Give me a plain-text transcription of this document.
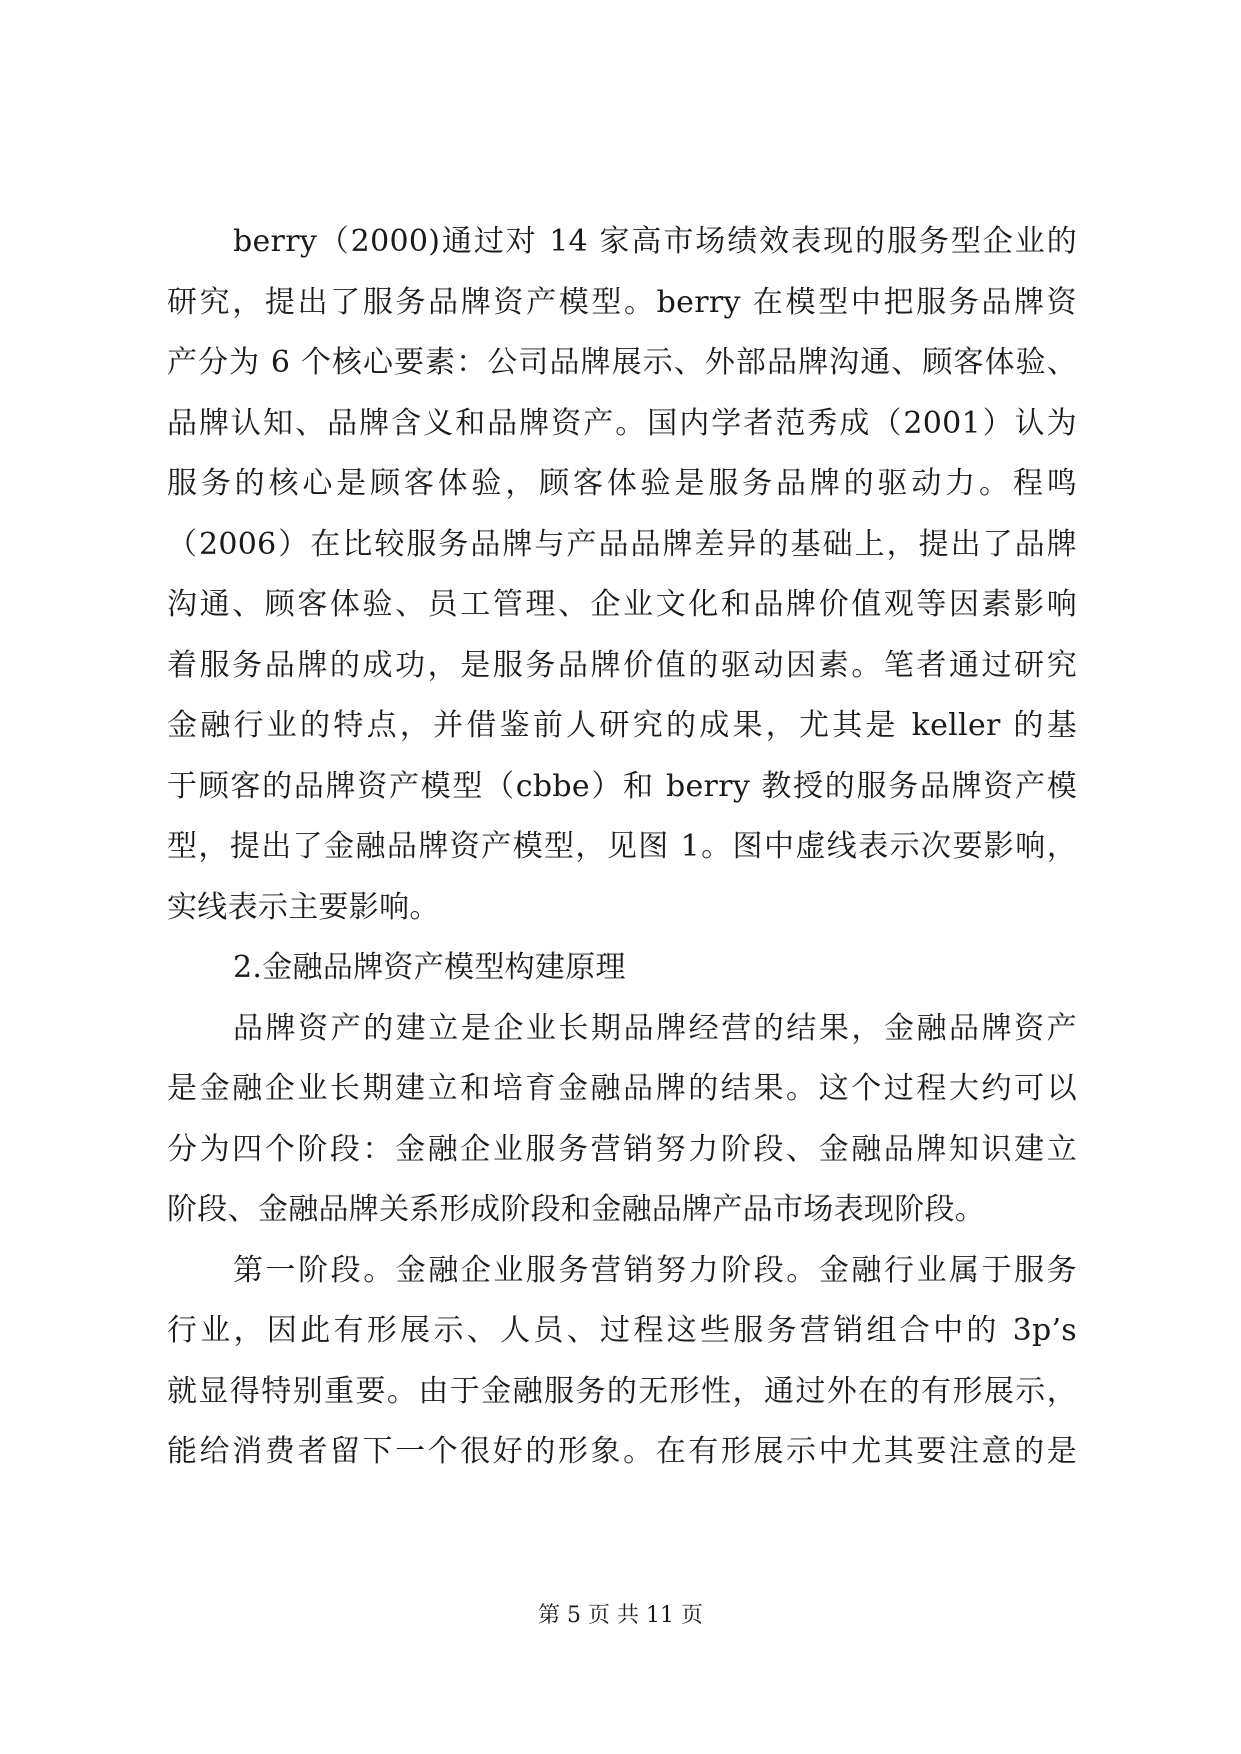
berry（2000)通过对 14 家高市场绩效表现的服务型企业的
研究，提出了服务品牌资产模型。berry 在模型中把服务品牌资
产分为 6 个核心要素：公司品牌展示、外部品牌沟通、顾客体验、
品牌认知、品牌含义和品牌资产。国内学者范秀成（2001）认为
服务的核心是顾客体验，顾客体验是服务品牌的驱动力。程鸣
（2006）在比较服务品牌与产品品牌差异的基础上，提出了品牌
沟通、顾客体验、员工管理、企业文化和品牌价值观等因素影响
着服务品牌的成功，是服务品牌价值的驱动因素。笔者通过研究
金融行业的特点，并借鉴前人研究的成果，尤其是 keller 的基
于顾客的品牌资产模型（cbbe）和 berry 教授的服务品牌资产模
型，提出了金融品牌资产模型，见图 1。图中虚线表示次要影响，
实线表示主要影响。
2.金融品牌资产模型构建原理
品牌资产的建立是企业长期品牌经营的结果，金融品牌资产
是金融企业长期建立和培育金融品牌的结果。这个过程大约可以
分为四个阶段：金融企业服务营销努力阶段、金融品牌知识建立
阶段、金融品牌关系形成阶段和金融品牌产品市场表现阶段。
第一阶段。金融企业服务营销努力阶段。金融行业属于服务
行业，因此有形展示、人员、过程这些服务营销组合中的 3p’s
就显得特别重要。由于金融服务的无形性，通过外在的有形展示，
能给消费者留下一个很好的形象。在有形展示中尤其要注意的是
第 5 页 共 11 页
